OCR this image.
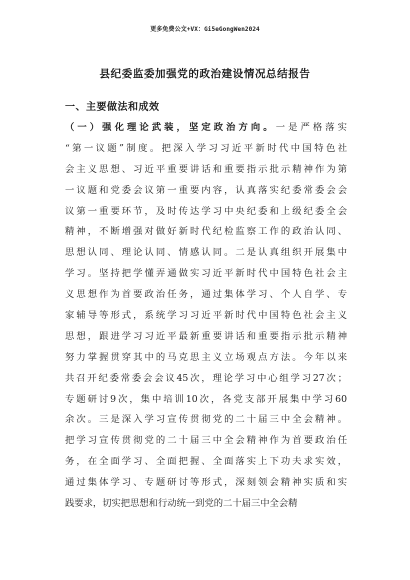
更多免费公文+VX：Gi5eGongWen2024
县纪委监委加强党的政治建设情况总结报告
一、主要做法和成效
（一）强化理论武装，坚定政治方向。一是严格落实
“第一议题”制度。把深入学习习近平新时代中国特色社
会主义思想、习近平重要讲话和重要指示批示精神作为第
一议题和党委会议第一重要内容，认真落实纪委常委会会
议第一重要环节，及时传达学习中央纪委和上级纪委全会
精神，不断增强对做好新时代纪检监察工作的政治认同、
思想认同、理论认同、情感认同。二是认真组织开展集中
学习。坚持把学懂弄通做实习近平新时代中国特色社会主
义思想作为首要政治任务，通过集体学习、个人自学、专
家辅导等形式，系统学习习近平新时代中国特色社会主义
思想，跟进学习习近平最新重要讲话和重要指示批示精神
努力掌握贯穿其中的马克思主义立场观点方法。今年以来
共召开纪委常委会会议45次，理论学习中心组学习27次；
专题研讨9次，集中培训10次，各党支部开展集中学习60
余次。三是深入学习宣传贯彻党的二十届三中全会精神。
把学习宣传贯彻党的二十届三中全会精神作为首要政治任
务，在全面学习、全面把握、全面落实上下功夫求实效，
通过集体学习、专题研讨等形式，深刻领会精神实质和实
践要求，切实把思想和行动统一到党的二十届三中全会精
